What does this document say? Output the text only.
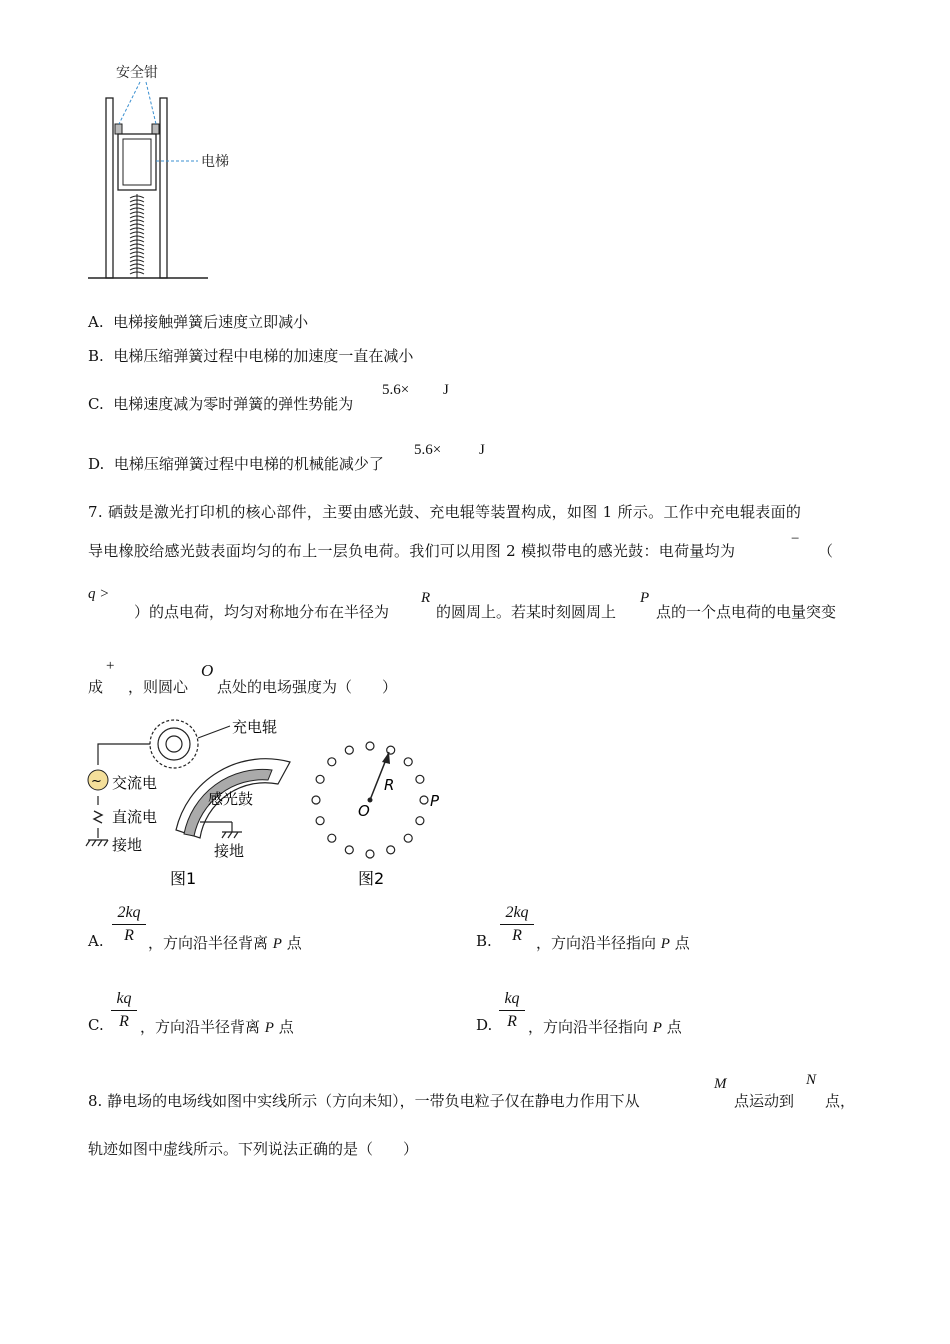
安全钳
电梯
A. 电梯接触弹簧后速度立即减小
B. 电梯压缩弹簧过程中电梯的加速度一直在减小
C. 电梯速度减为零时弹簧的弹性势能为
5.6× J
D. 电梯压缩弹簧过程中电梯的机械能减少了
5.6×	J
7. 硒鼓是激光打印机的核心部件，主要由感光鼓、充电辊等装置构成，如图 1 所示。工作中充电辊表面的
导电橡胶给感光鼓表面均匀的布上一层负电荷。我们可以用图 2 模拟带电的感光鼓：电荷量均为
−
（
q >
）的点电荷，均匀对称地分布在半径为
R
的圆周上。若某时刻圆周上
P
点的一个点电荷的电量突变
成
+
，则圆心
O
点处的电场强度为（　　）
~
充电辊
交流电
直流电
接地
感光鼓
接地
图1
R
O
P
图2
A.
2kq
R ，方向沿半径背离 P 点	B.
2kq
R ，方向沿半径指向 P 点
C.
kq
R ，方向沿半径背离 P 点	D.
kq
R ，方向沿半径指向 P 点
8. 静电场的电场线如图中实线所示（方向未知），一带负电粒子仅在静电力作用下从
M
点运动到
N
点，
轨迹如图中虚线所示。下列说法正确的是（　　）
